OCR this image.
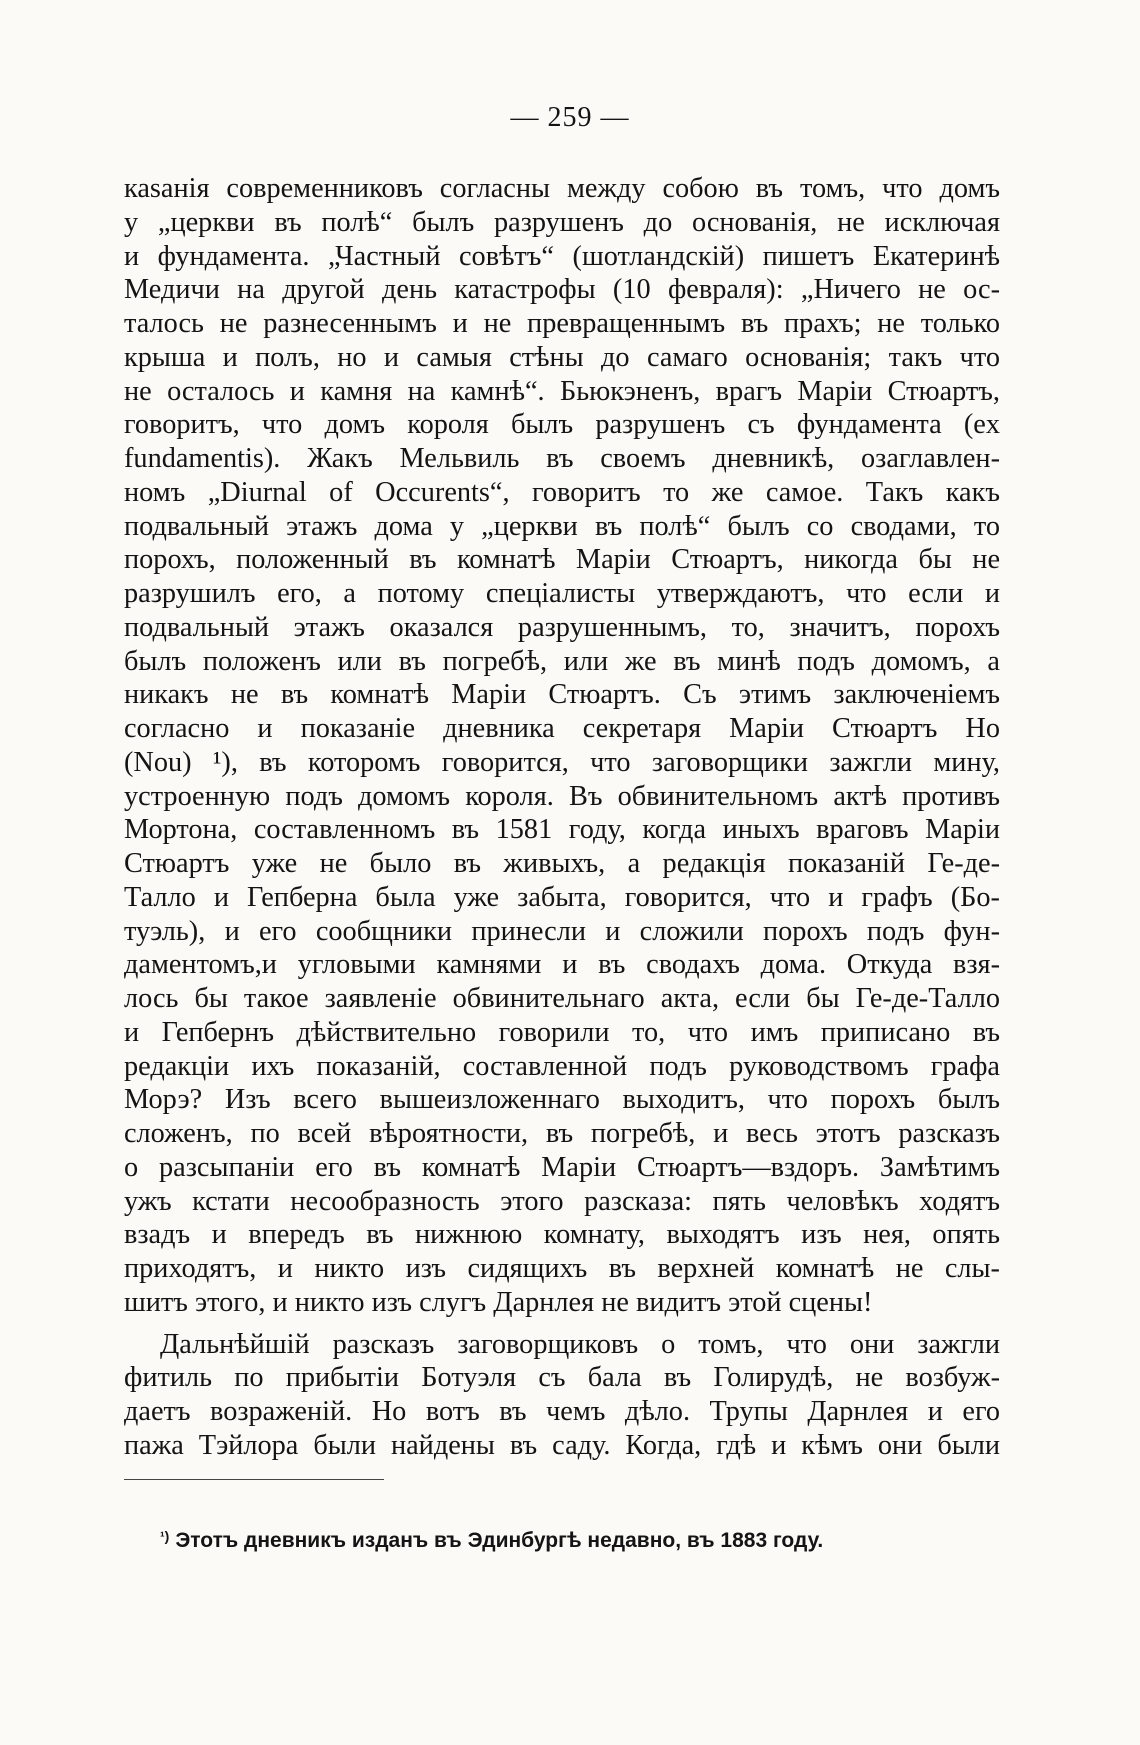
— 259 —
каsанія современниковъ согласны между собою въ томъ, что домъ
у „церкви въ полѣ“ былъ разрушенъ до основанія, не исключая
и фундамента. „Частный совѣтъ“ (шотландскій) пишетъ Екатеринѣ
Медичи на другой день катастрофы (10 февраля): „Ничего не ос-
талось не разнесеннымъ и не превращеннымъ въ прахъ; не только
крыша и полъ, но и самыя стѣны до самаго основанія; такъ что
не осталось и камня на камнѣ“. Бьюкэненъ, врагъ Маріи Стюартъ,
говоритъ, что домъ короля былъ разрушенъ съ фундамента (ex
fundamentis). Жакъ Мельвиль въ своемъ дневникѣ, озаглавлен-
номъ „Diurnal of Occurents“, говоритъ то же самое. Такъ какъ
подвальный этажъ дома у „церкви въ полѣ“ былъ со сводами, то
порохъ, положенный въ комнатѣ Маріи Стюартъ, никогда бы не
разрушилъ его, а потому спеціалисты утверждаютъ, что если и
подвальный этажъ оказался разрушеннымъ, то, значитъ, порохъ
былъ положенъ или въ погребѣ, или же въ минѣ подъ домомъ, а
никакъ не въ комнатѣ Маріи Стюартъ. Съ этимъ заключеніемъ
согласно и показаніе дневника секретаря Маріи Стюартъ Но
(Nou) ¹), въ которомъ говорится, что заговорщики зажгли мину,
устроенную подъ домомъ короля. Въ обвинительномъ актѣ противъ
Мортона, составленномъ въ 1581 году, когда иныхъ враговъ Маріи
Стюартъ уже не было въ живыхъ, а редакція показаній Ге-де-
Талло и Гепберна была уже забыта, говорится, что и графъ (Бо-
туэль), и его сообщники принесли и сложили порохъ подъ фун-
даментомъ,и угловыми камнями и въ сводахъ дома. Откуда взя-
лось бы такое заявленіе обвинительнаго акта, если бы Ге-де-Талло
и Гепбернъ дѣйствительно говорили то, что имъ приписано въ
редакціи ихъ показаній, составленной подъ руководствомъ графа
Морэ? Изъ всего вышеизложеннаго выходитъ, что порохъ былъ
сложенъ, по всей вѣроятности, въ погребѣ, и весь этотъ разсказъ
о разсыпаніи его въ комнатѣ Маріи Стюартъ—вздоръ. Замѣтимъ
ужъ кстати несообразность этого разсказа: пять человѣкъ ходятъ
взадъ и впередъ въ нижнюю комнату, выходятъ изъ нея, опять
приходятъ, и никто изъ сидящихъ въ верхней комнатѣ не слы-
шитъ этого, и никто изъ слугъ Дарнлея не видитъ этой сцены!
Дальнѣйшій разсказъ заговорщиковъ о томъ, что они зажгли
фитиль по прибытіи Ботуэля съ бала въ Голирудѣ, не возбуж-
даетъ возраженій. Но вотъ въ чемъ дѣло. Трупы Дарнлея и его
пажа Тэйлора были найдены въ саду. Когда, гдѣ и кѣмъ они были
$^{^1)}$ Этотъ дневникъ изданъ въ Эдинбургѣ недавно, въ 1883 году.
